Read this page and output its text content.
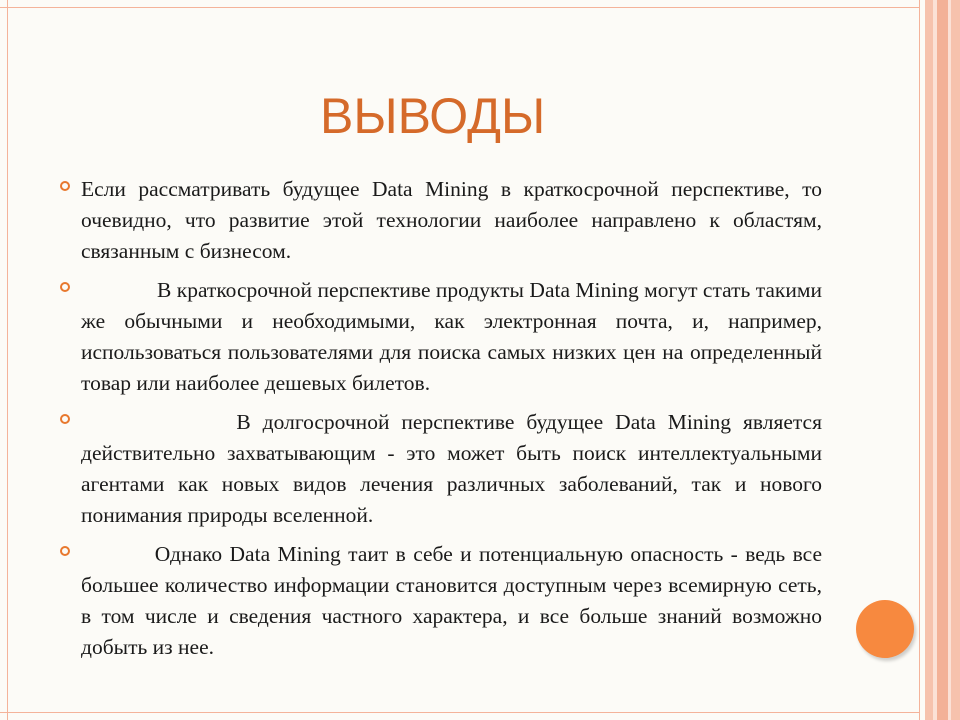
ВЫВОДЫ
Если рассматривать будущее Data Mining в краткосрочной перспективе, то очевидно, что развитие этой технологии наиболее направлено к областям, связанным с бизнесом.
В краткосрочной перспективе продукты Data Mining могут стать такими же обычными и необходимыми, как электронная почта, и, например, использоваться пользователями для поиска самых низких цен на определенный товар или наиболее дешевых билетов.
В долгосрочной перспективе будущее Data Mining является действительно захватывающим - это может быть поиск интеллектуальными агентами как новых видов лечения различных заболеваний, так и нового понимания природы вселенной.
Однако Data Mining таит в себе и потенциальную опасность - ведь все большее количество информации становится доступным через всемирную сеть, в том числе и сведения частного характера, и все больше знаний возможно добыть из нее.
